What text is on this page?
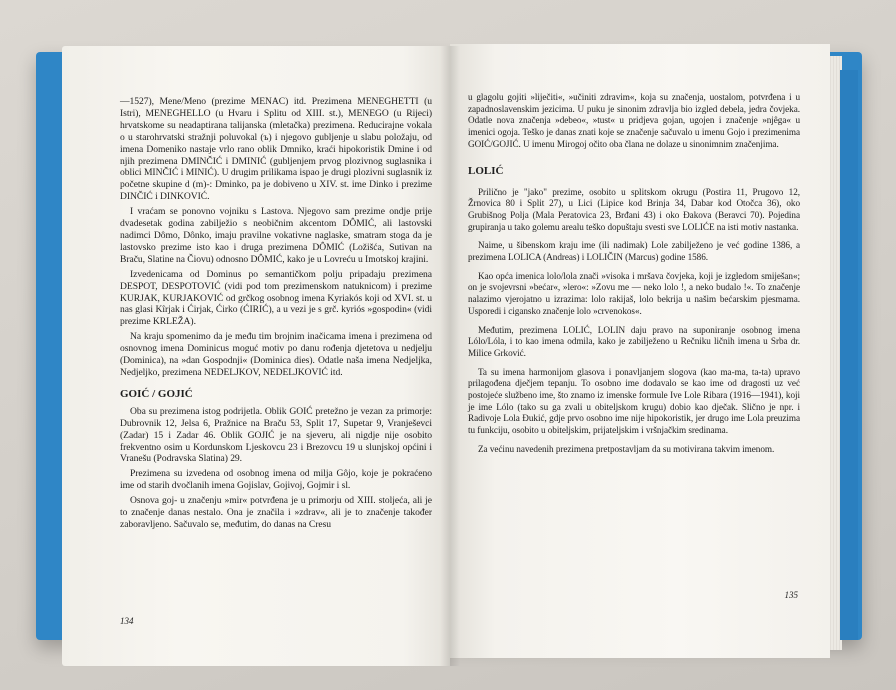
—1527), Mene/Meno (prezime MENAC) itd. Prezimena MENEGHETTI (u Istri), MENEGHELLO (u Hvaru i Splitu od XIII. st.), MENEGO (u Rijeci) hrvatskome su neadaptirana talijanska (mletačka) prezimena. Reducirajne vokala o u starohrvatski stražnji poluvokal (ъ) i njegovo gubljenje u slabu položaju, od imena Domeniko nastaje vrlo rano oblik Dmniko, kraći hipokoristik Dmine i od njih prezimena DMINČIĆ i DMINIĆ (gubljenjem prvog plozivnog suglasnika i oblici MINČIĆ i MINIĆ). U drugim prilikama ispao je drugi plozivni suglasnik iz početne skupine d (m)-: Dminko, pa je dobiveno u XIV. st. ime Dinko i prezime DINČIĆ i DINKOVIĆ.

I vraćam se ponovno vojniku s Lastova. Njegovo sam prezime ondje prije dvadesetak godina zabilježio s neobičnim akcentom DÔMIĆ, ali lastovski nadimci Dômo, Dônko, imaju pravilne vokativne naglaske, smatram stoga da je lastovsko prezime isto kao i druga prezimena DÔMIĆ (Ložišća, Sutivan na Braču, Slatine na Čiovu) odnosno DÔMIĆ, kako je u Lovreću u Imotskoj krajini.

Izvedenicama od Dominus po semantičkom polju pripadaju prezimena DESPOT, DESPOTOVIĆ (vidi pod tom prezimenskom natuknicom) i prezime KURJAK, KURJAKOVIĆ od grčkog osobnog imena Kyriakós koji od XVI. st. u nas glasi Kîrjak i Ćirjak, Ćirko (ĆIRIĆ), a u vezi je s grč. kyriós »gospodin« (vidi prezime KRLEŽA).

Na kraju spomenimo da je među tim brojnim inačicama imena i prezimena od osnovnog imena Dominicus moguć motiv po danu rođenja djetetova u nedjelju (Dominica), na »dan Gospodnji« (Dominica dies). Odatle naša imena Nedjeljka, Nedjeljko, prezimena NEDELJKOV, NEDELJKOVIĆ itd.

GOIĆ / GOJIĆ

Oba su prezimena istog podrijetla. Oblik GOIĆ pretežno je vezan za primorje: Dubrovnik 12, Jelsa 6, Pražnice na Braču 53, Split 17, Supetar 9, Vranješevci (Zadar) 15 i Zadar 46. Oblik GOJIĆ je na sjeveru, ali nigdje nije osobito frekventno osim u Kordunskom Ljeskovcu 23 i Brezovcu 19 u slunjskoj općini i Vranešu (Podravska Slatina) 29.

Prezimena su izvedena od osobnog imena od milja Gôjo, koje je pokraćeno ime od starih dvočlanih imena Gojislav, Gojivoj, Gojmir i sl.

Osnova goj- u značenju »mir« potvrđena je u primorju od XIII. stoljeća, ali je to značenje danas nestalo. Ona je značila i »zdrav«, ali je to značenje također zaboravljeno. Sačuvalo se, međutim, do danas na Cresu

134

u glagolu gojiti »liječiti«, »učiniti zdravim«, koja su značenja, uostalom, potvrđena i u zapadnoslavenskim jezicima. U puku je sinonim zdravlja bio izgled debela, jedra čovjeka. Odatle nova značenja »debeo«, »tust« u pridjeva gojan, ugojen i značenje »njêga« u imenici ogoja. Teško je danas znati koje se značenje sačuvalo u imenu Gojo i prezimenima GOIĆ/GOJIĆ. U imenu Mirogoj očito oba člana ne dolaze u sinonimnim značenjima.

LOLIĆ

Prilično je "jako" prezime, osobito u splitskom okrugu (Postira 11, Prugovo 12, Žrnovica 80 i Split 27), u Lici (Lipice kod Brinja 34, Dabar kod Otočca 36), oko Grubišnog Polja (Mala Peratovica 23, Brđani 43) i oko Đakova (Beravci 70). Pojedina grupiranja u tako golemu arealu teško dopuštaju svesti sve LOLIĆE na isti motiv nastanka.

Naime, u šibenskom kraju ime (ili nadimak) Lole zabilježeno je već godine 1386, a prezimena LOLICA (Andreas) i LOLIČIN (Marcus) godine 1586.

Kao opća imenica lolo/lola znači »visoka i mršava čovjeka, koji je izgledom smiješan«; on je svojevrsni »bećar«, »lero«: »Zovu me — neko lolo !, a neko budalo !«. To značenje nalazimo vjerojatno u izrazima: lolo rakijaš, lolo bekrija u našim bećarskim pjesmama. Usporedi i cigansko značenje lolo »crvenokos«.

Međutim, prezimena LOLIĆ, LOLIN daju pravo na suponiranje osobnog imena Lólo/Lóla, i to kao imena odmila, kako je zabilježeno u Rečniku ličnih imena u Srba dr. Milice Grković.

Ta su imena harmonijom glasova i ponavljanjem slogova (kao ma-ma, ta-ta) upravo prilagođena dječjem tepanju. To osobno ime dodavalo se kao ime od dragosti uz već postojeće službeno ime, što znamo iz imenske formule Ive Lole Ribara (1916—1941), koji je ime Lólo (tako su ga zvali u obiteljskom krugu) dobio kao dječak. Slično je npr. i Radivoje Lola Đukić, gdje prvo osobno ime nije hipokoristik, jer drugo ime Lola preuzima tu funkciju, osobito u obiteljskim, prijateljskim i vršnjačkim sredinama.

Za većinu navedenih prezimena pretpostavljam da su motivirana takvim imenom.

135
